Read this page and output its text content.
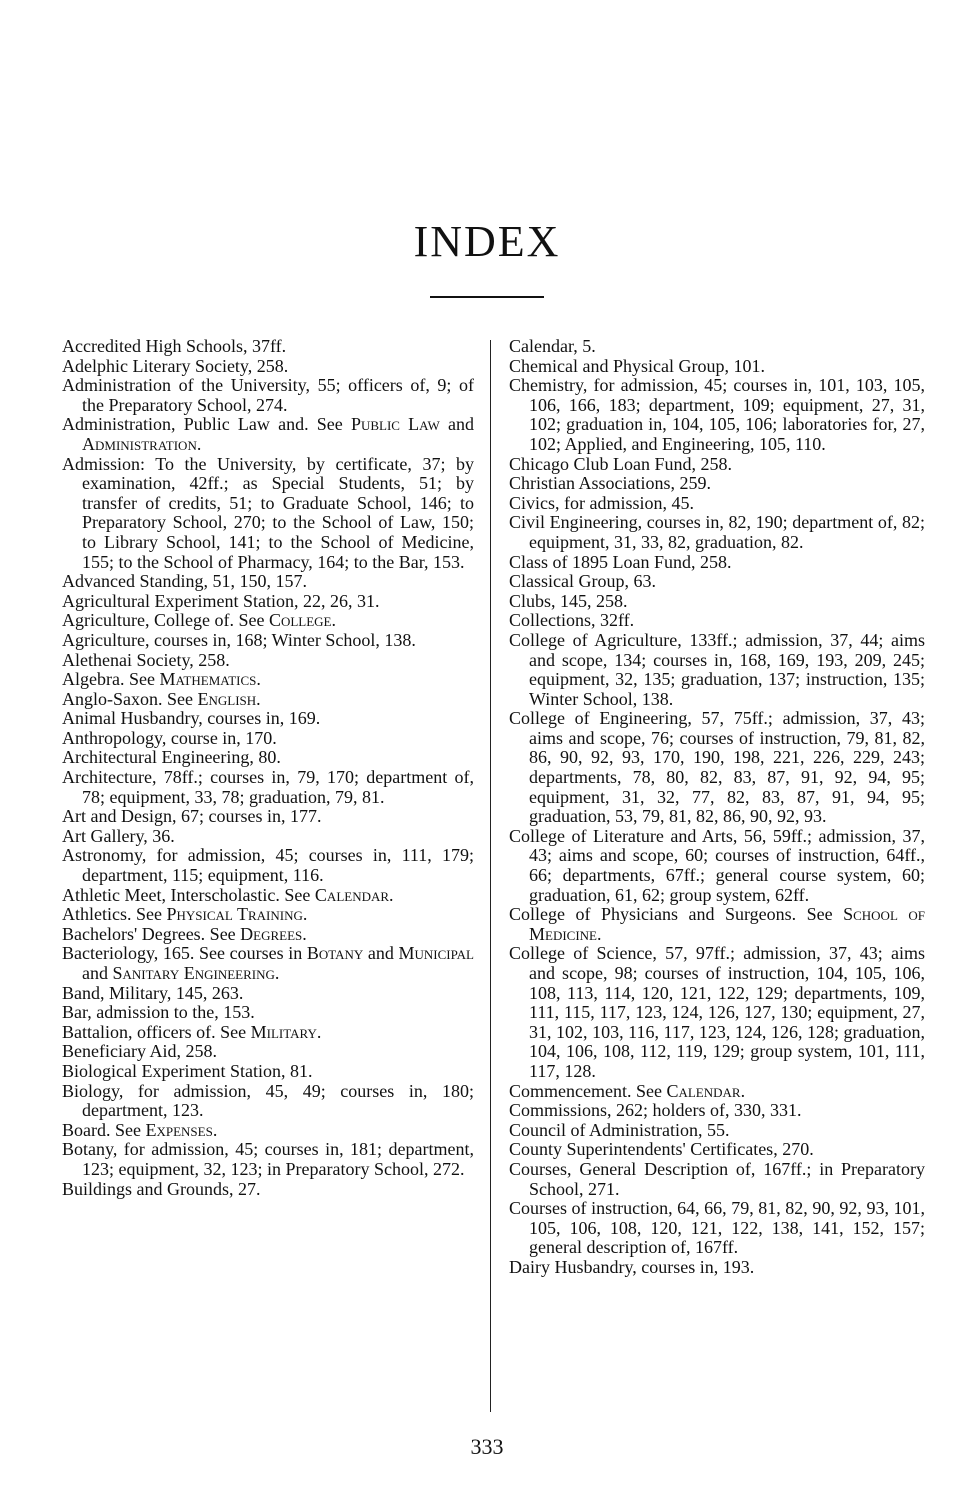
INDEX
Accredited High Schools, 37ff.
Adelphic Literary Society, 258.
Administration of the University, 55; officers of, 9; of the Preparatory School, 274.
Administration, Public Law and. See Public Law and Administration.
Admission: To the University, by certificate, 37; by examination, 42ff.; as Special Students, 51; by transfer of credits, 51; to Graduate School, 146; to Preparatory School, 270; to the School of Law, 150; to Library School, 141; to the School of Medicine, 155; to the School of Pharmacy, 164; to the Bar, 153.
Advanced Standing, 51, 150, 157.
Agricultural Experiment Station, 22, 26, 31.
Agriculture, College of. See College.
Agriculture, courses in, 168; Winter School, 138.
Alethenai Society, 258.
Algebra. See Mathematics.
Anglo-Saxon. See English.
Animal Husbandry, courses in, 169.
Anthropology, course in, 170.
Architectural Engineering, 80.
Architecture, 78ff.; courses in, 79, 170; department of, 78; equipment, 33, 78; graduation, 79, 81.
Art and Design, 67; courses in, 177.
Art Gallery, 36.
Astronomy, for admission, 45; courses in, 111, 179; department, 115; equipment, 116.
Athletic Meet, Interscholastic. See Calendar.
Athletics. See Physical Training.
Bachelors' Degrees. See Degrees.
Bacteriology, 165. See courses in Botany and Municipal and Sanitary Engineering.
Band, Military, 145, 263.
Bar, admission to the, 153.
Battalion, officers of. See Military.
Beneficiary Aid, 258.
Biological Experiment Station, 81.
Biology, for admission, 45, 49; courses in, 180; department, 123.
Board. See Expenses.
Botany, for admission, 45; courses in, 181; department, 123; equipment, 32, 123; in Preparatory School, 272.
Buildings and Grounds, 27.
Calendar, 5.
Chemical and Physical Group, 101.
Chemistry, for admission, 45; courses in, 101, 103, 105, 106, 166, 183; department, 109; equipment, 27, 31, 102; graduation in, 104, 105, 106; laboratories for, 27, 102; Applied, and Engineering, 105, 110.
Chicago Club Loan Fund, 258.
Christian Associations, 259.
Civics, for admission, 45.
Civil Engineering, courses in, 82, 190; department of, 82; equipment, 31, 33, 82, graduation, 82.
Class of 1895 Loan Fund, 258.
Classical Group, 63.
Clubs, 145, 258.
Collections, 32ff.
College of Agriculture, 133ff.; admission, 37, 44; aims and scope, 134; courses in, 168, 169, 193, 209, 245; equipment, 32, 135; graduation, 137; instruction, 135; Winter School, 138.
College of Engineering, 57, 75ff.; admission, 37, 43; aims and scope, 76; courses of instruction, 79, 81, 82, 86, 90, 92, 93, 170, 190, 198, 221, 226, 229, 243; departments, 78, 80, 82, 83, 87, 91, 92, 94, 95; equipment, 31, 32, 77, 82, 83, 87, 91, 94, 95; graduation, 53, 79, 81, 82, 86, 90, 92, 93.
College of Literature and Arts, 56, 59ff.; admission, 37, 43; aims and scope, 60; courses of instruction, 64ff., 66; departments, 67ff.; general course system, 60; graduation, 61, 62; group system, 62ff.
College of Physicians and Surgeons. See School of Medicine.
College of Science, 57, 97ff.; admission, 37, 43; aims and scope, 98; courses of instruction, 104, 105, 106, 108, 113, 114, 120, 121, 122, 129; departments, 109, 111, 115, 117, 123, 124, 126, 127, 130; equipment, 27, 31, 102, 103, 116, 117, 123, 124, 126, 128; graduation, 104, 106, 108, 112, 119, 129; group system, 101, 111, 117, 128.
Commencement. See Calendar.
Commissions, 262; holders of, 330, 331.
Council of Administration, 55.
County Superintendents' Certificates, 270.
Courses, General Description of, 167ff.; in Preparatory School, 271.
Courses of instruction, 64, 66, 79, 81, 82, 90, 92, 93, 101, 105, 106, 108, 120, 121, 122, 138, 141, 152, 157; general description of, 167ff.
Dairy Husbandry, courses in, 193.
333
